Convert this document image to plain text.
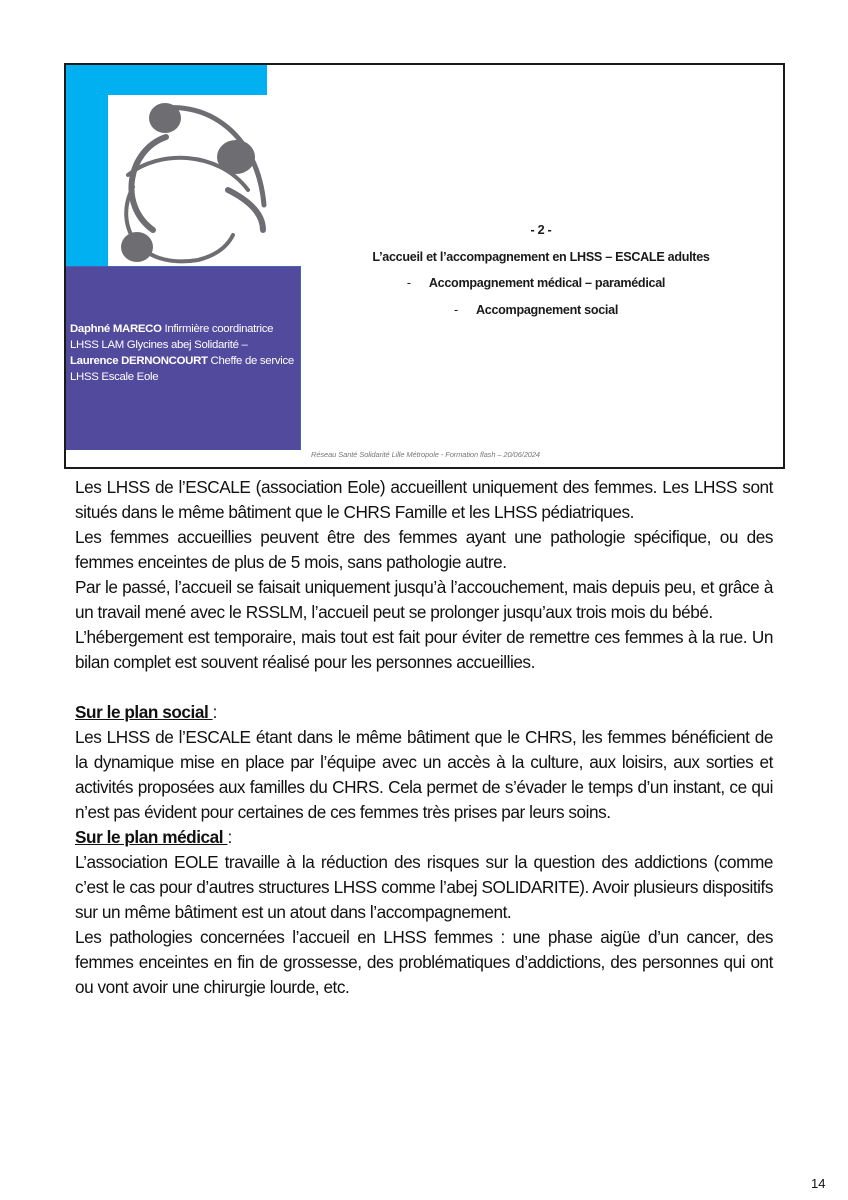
Daphné MARECO Infirmière coordinatrice LHSS LAM Glycines abej Solidarité – Laurence DERNONCOURT Cheffe de service LHSS Escale Eole
- 2 -
L’accueil et l’accompagnement en LHSS – ESCALE adultes
- Accompagnement médical – paramédical
- Accompagnement social
Réseau Santé Solidarité Lille Métropole - Formation flash – 20/06/2024

Les LHSS de l’ESCALE (association Eole) accueillent uniquement des femmes. Les LHSS sont situés dans le même bâtiment que le CHRS Famille et les LHSS pédiatriques.

Les femmes accueillies peuvent être des femmes ayant une pathologie spécifique, ou des femmes enceintes de plus de 5 mois, sans pathologie autre.

Par le passé, l’accueil se faisait uniquement jusqu’à l’accouchement, mais depuis peu, et grâce à un travail mené avec le RSSLM, l’accueil peut se prolonger jusqu’aux trois mois du bébé.

L’hébergement est temporaire, mais tout est fait pour éviter de remettre ces femmes à la rue. Un bilan complet est souvent réalisé pour les personnes accueillies.

Sur le plan social :

Les LHSS de l’ESCALE étant dans le même bâtiment que le CHRS, les femmes bénéficient de la dynamique mise en place par l’équipe avec un accès à la culture, aux loisirs, aux sorties et activités proposées aux familles du CHRS. Cela permet de s’évader le temps d’un instant, ce qui n’est pas évident pour certaines de ces femmes très prises par leurs soins.

Sur le plan médical :

L’association EOLE travaille à la réduction des risques sur la question des addictions (comme c’est le cas pour d’autres structures LHSS comme l’abej SOLIDARITE). Avoir plusieurs dispositifs sur un même bâtiment est un atout dans l’accompagnement.

Les pathologies concernées l’accueil en LHSS femmes : une phase aigüe d’un cancer, des femmes enceintes en fin de grossesse, des problématiques d’addictions, des personnes qui ont ou vont avoir une chirurgie lourde, etc.

14
